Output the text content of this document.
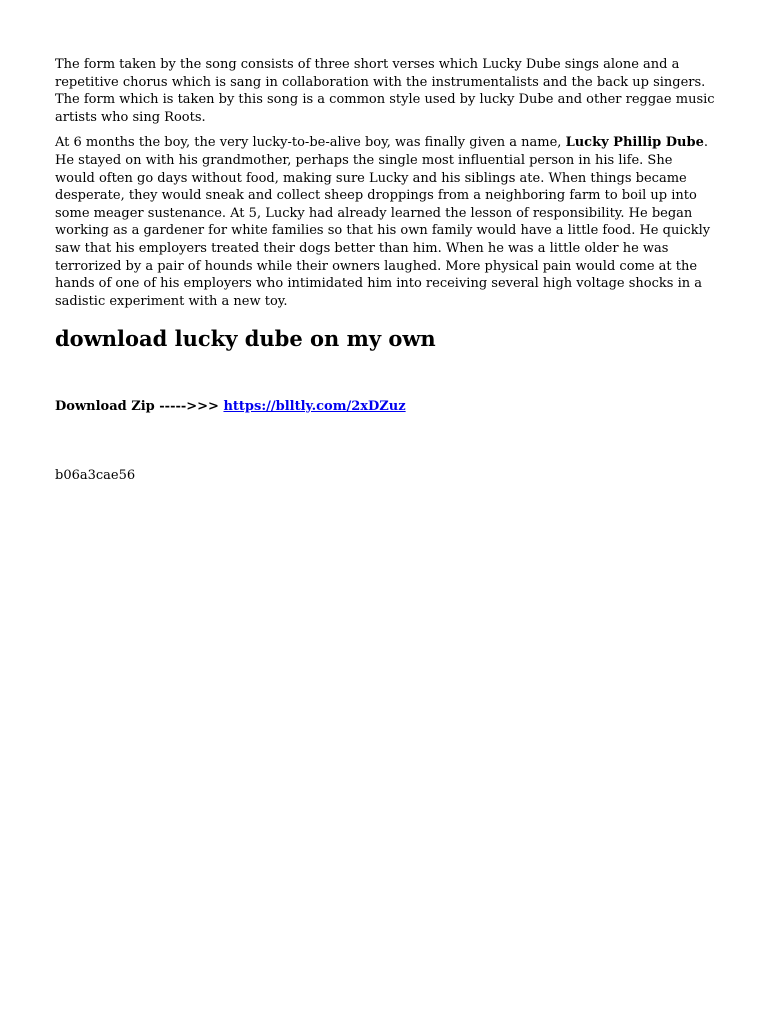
The form taken by the song consists of three short verses which Lucky Dube sings alone and a repetitive chorus which is sang in collaboration with the instrumentalists and the back up singers. The form which is taken by this song is a common style used by lucky Dube and other reggae music artists who sing Roots.

At 6 months the boy, the very lucky-to-be-alive boy, was finally given a name, Lucky Phillip Dube. He stayed on with his grandmother, perhaps the single most influential person in his life. She would often go days without food, making sure Lucky and his siblings ate. When things became desperate, they would sneak and collect sheep droppings from a neighboring farm to boil up into some meager sustenance. At 5, Lucky had already learned the lesson of responsibility. He began working as a gardener for white families so that his own family would have a little food. He quickly saw that his employers treated their dogs better than him. When he was a little older he was terrorized by a pair of hounds while their owners laughed. More physical pain would come at the hands of one of his employers who intimidated him into receiving several high voltage shocks in a sadistic experiment with a new toy.

download lucky dube on my own
Download Zip ----->>> https://blltly.com/2xDZuz
b06a3cae56
